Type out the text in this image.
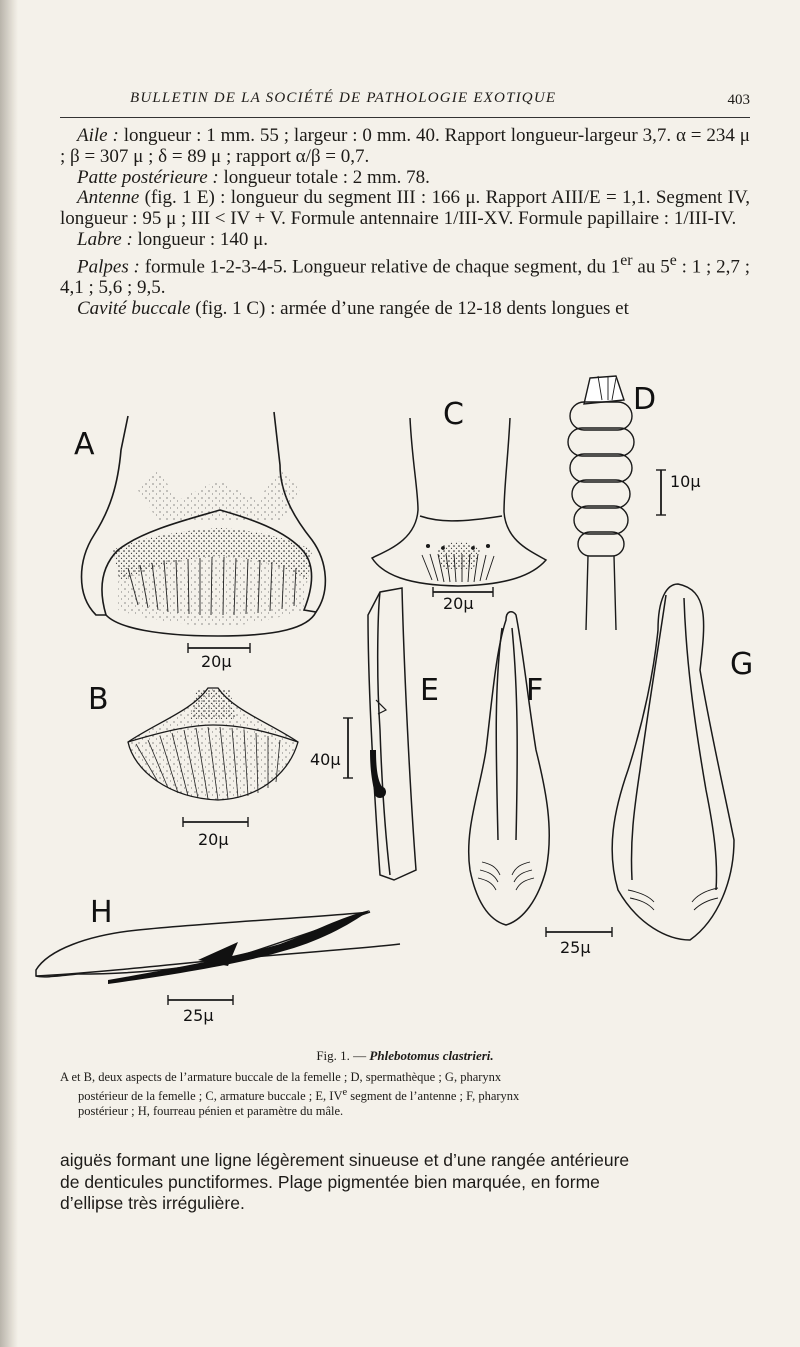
BULLETIN DE LA SOCIÉTÉ DE PATHOLOGIE EXOTIQUE	403

Aile : longueur : 1 mm. 55 ; largeur : 0 mm. 40. Rapport longueur-largeur 3,7. α = 234 μ ; β = 307 μ ; δ = 89 μ ; rapport α/β = 0,7.

Patte postérieure : longueur totale : 2 mm. 78.

Antenne (fig. 1 E) : longueur du segment III : 166 μ. Rapport AIII/E = 1,1. Segment IV, longueur : 95 μ ; III < IV + V. Formule antennaire 1/III-XV. Formule papillaire : 1/III-IV.

Labre : longueur : 140 μ.

Palpes : formule 1-2-3-4-5. Longueur relative de chaque segment, du 1er au 5e : 1 ; 2,7 ; 4,1 ; 5,6 ; 9,5.

Cavité buccale (fig. 1 C) : armée d’une rangée de 12-18 dents longues et

A
B
C	D
E	F
G
H
20μ
20μ
20μ
10μ
40μ
25μ
25μ
Fig. 1. — Phlebotomus clastrieri.
A et B, deux aspects de l’armature buccale de la femelle ; D, spermathèque ; G, pharynx
postérieur de la femelle ; C, armature buccale ; E, IVe segment de l’antenne ; F, pharynx
postérieur ; H, fourreau pénien et paramètre du mâle.
aiguës formant une ligne légèrement sinueuse et d’une rangée antérieure
de denticules punctiformes. Plage pigmentée bien marquée, en forme
d’ellipse très irrégulière.
